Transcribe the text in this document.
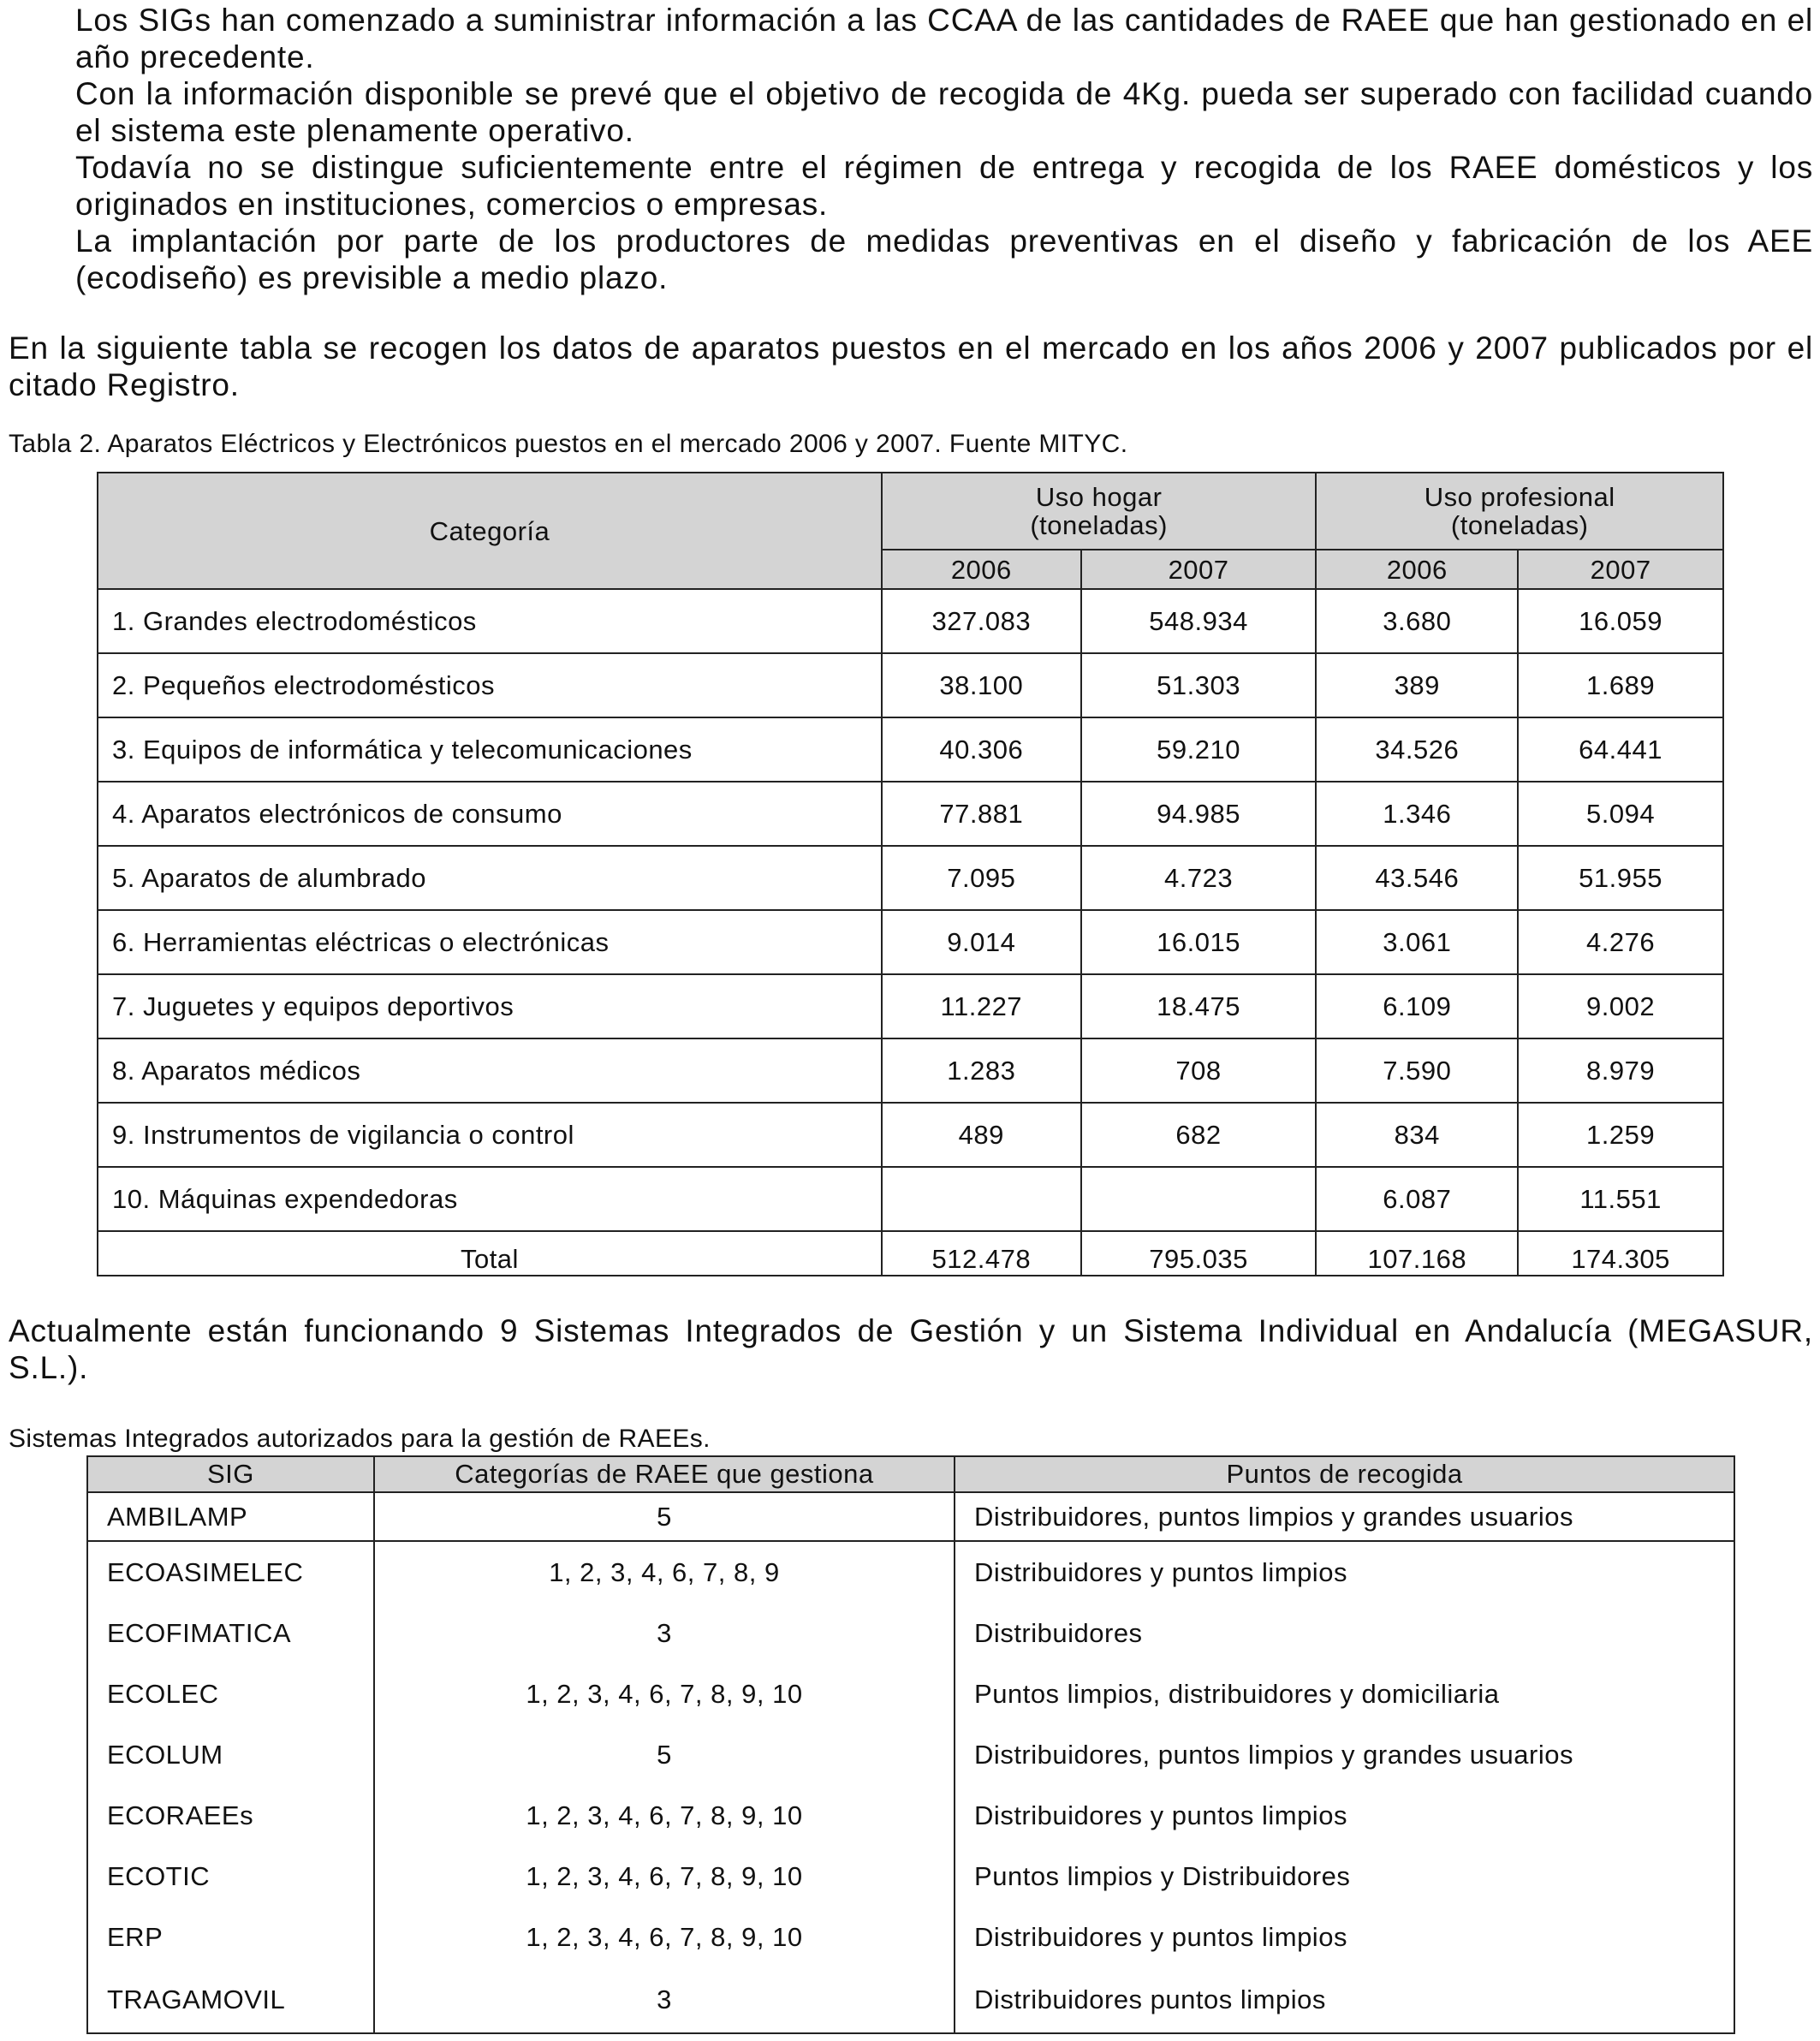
Los SIGs han comenzado a suministrar información a las CCAA de las cantidades de RAEE que han gestionado en el año precedente.

Con la información disponible se prevé que el objetivo de recogida de 4Kg. pueda ser superado con facilidad cuando el sistema este plenamente operativo.

Todavía no se distingue suficientemente entre el régimen de entrega y recogida de los RAEE domésticos y los originados en instituciones, comercios o empresas.

La implantación por parte de los productores de medidas preventivas en el diseño y fabricación de los AEE (ecodiseño) es previsible a medio plazo.

En la siguiente tabla se recogen los datos de aparatos puestos en el mercado en los años 2006 y 2007 publicados por el citado Registro.

Tabla 2. Aparatos Eléctricos y Electrónicos puestos en el mercado 2006 y 2007. Fuente MITYC.

Categoría	Uso hogar
(toneladas)		Uso profesional
(toneladas)	
	2006	2007	2006	2007
1. Grandes electrodomésticos	327.083	548.934	3.680	16.059
2. Pequeños electrodomésticos	38.100	51.303	389	1.689
3. Equipos de informática y telecomunicaciones	40.306	59.210	34.526	64.441
4. Aparatos electrónicos de consumo	77.881	94.985	1.346	5.094
5. Aparatos de alumbrado	7.095	4.723	43.546	51.955
6. Herramientas eléctricas o electrónicas	9.014	16.015	3.061	4.276
7. Juguetes y equipos deportivos	11.227	18.475	6.109	9.002
8. Aparatos médicos	1.283	708	7.590	8.979
9. Instrumentos de vigilancia o control	489	682	834	1.259
10. Máquinas expendedoras			6.087	11.551
Total	512.478	795.035	107.168	174.305

Actualmente están funcionando 9 Sistemas Integrados de Gestión y un Sistema Individual en Andalucía (MEGASUR, S.L.).

Sistemas Integrados autorizados para la gestión de RAEEs.

SIG	Categorías de RAEE que gestiona	Puntos de recogida
AMBILAMP	5	Distribuidores, puntos limpios y grandes usuarios
ECOASIMELEC	1, 2, 3, 4, 6, 7, 8, 9	Distribuidores y puntos limpios
ECOFIMATICA	3	Distribuidores
ECOLEC	1, 2, 3, 4, 6, 7, 8, 9, 10	Puntos limpios, distribuidores y domiciliaria
ECOLUM	5	Distribuidores, puntos limpios y grandes usuarios
ECORAEEs	1, 2, 3, 4, 6, 7, 8, 9, 10	Distribuidores y puntos limpios
ECOTIC	1, 2, 3, 4, 6, 7, 8, 9, 10	Puntos limpios y Distribuidores
ERP	1, 2, 3, 4, 6, 7, 8, 9, 10	Distribuidores y puntos limpios
TRAGAMOVIL	3	Distribuidores puntos limpios
